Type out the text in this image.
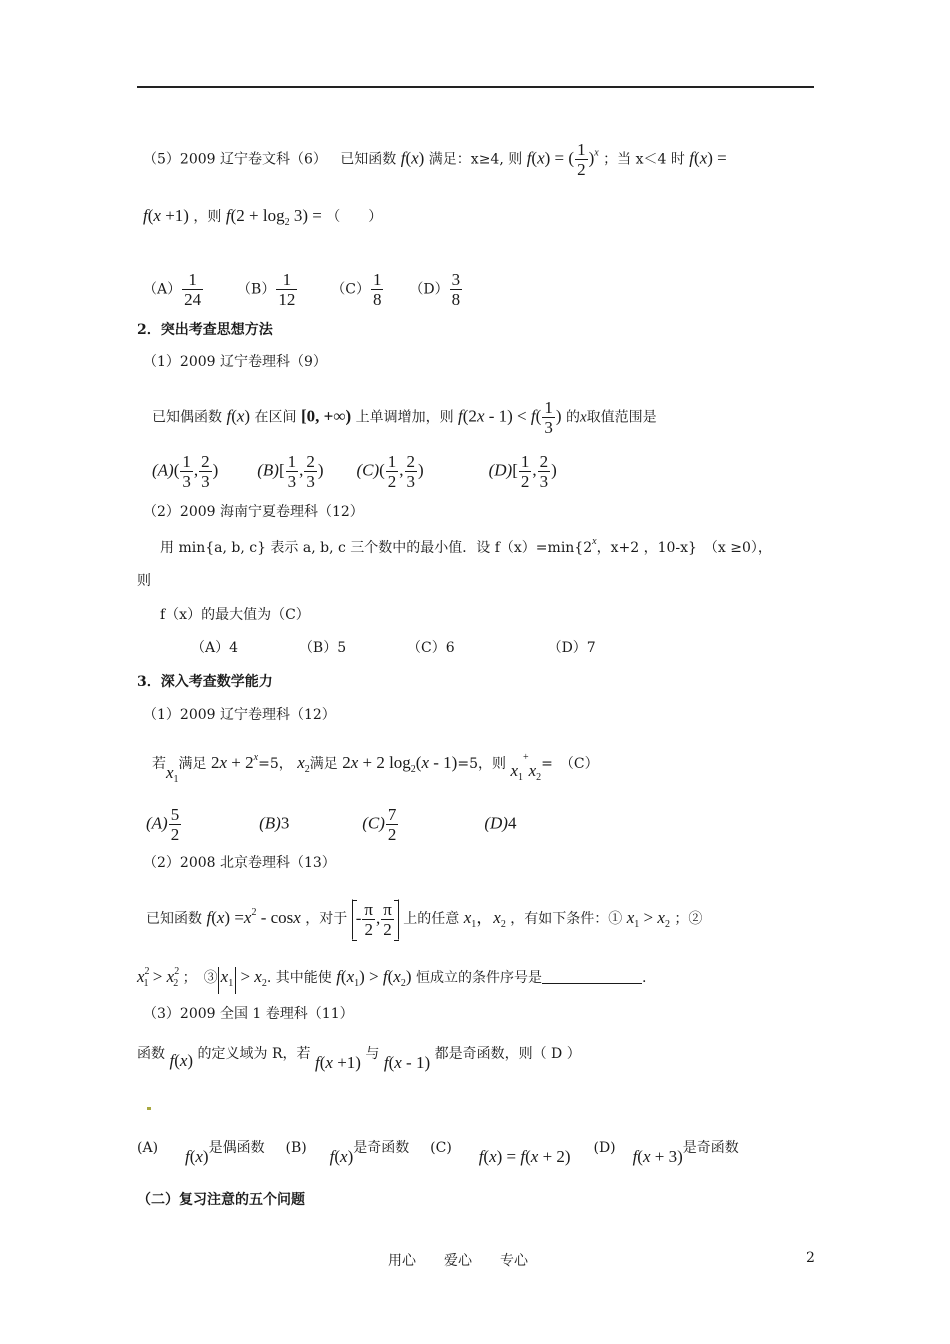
（5）2009 辽宁卷文科（6） 已知函数 f(x) 满足：x≥4, 则 f(x) = ( $\frac{1}{2} )^x$ ；当 x＜4 时 f(x) =
f(x +1) ，则 $f(2 + \log_2 3)$ = （　　）
$(A) \frac{1}{24} (B) \frac{1}{12} (C) \frac{1}{8} (D) \frac{3}{8}$
2．突出考查思想方法
（1）2009 辽宁卷理科（9）
已知偶函数 f(x) 在区间 [0, +∞) 上单调增加，则 $f(2x - 1) < f( \frac{1}{3}$ ) 的x取值范围是
$(A)( \frac{1}{3}$ , $\frac{2}{3}$ ) $(B)[ \frac{1}{3}$ , $\frac{2}{3}$ ) $(C)( \frac{1}{2}$ , $\frac{2}{3}$ )	$(D)[ \frac{1}{2}$ , $\frac{2}{3}$ )
（2）2009 海南宁夏卷理科（12）
用 min{a, b, c} 表示 a, b, c 三个数中的最小值．设 $f(x)=\min\{2^x$，x+2 ，10-x}　（x ≥0），
则
f（x）的最大值为（C）
（A）4	（B）5	（C）6	（D）7
3．深入考查数学能力
（1）2009 辽宁卷理科（12）
若$x_1$满足 $2x + 2^x=5$， $x_2$满足 2x + 2 $\log_2(x - 1)=5$，则 $x_1^+x_2=$　（C）
$(A) \frac{5}{2}$	(B)3	$(C) \frac{7}{2}$	(D)4
（2）2008 北京卷理科（13）
已知函数 $f(x) =x^2 - \cos x$ ，对于 - $\frac{\pi}{2}$ , $\frac{\pi}{2}$ 上的任意 $x_1$，$x_2$ ，有如下条件：① $x_1 > x_2$ ；②
$x^2_1 > x^2_2$ ；　③ $x_1 > x_2$. 其中能使 $f(x_1) > f(x_2)$ 恒成立的条件序号是	.
（3）2009 全国 1 卷理科（11）
函数 f(x) 的定义域为 R，若 f(x +1) 与 f(x - 1) 都是奇函数，则（ D ）
(A) f(x)是偶函数 (B) f(x)是奇函数 (C) f(x) = f(x + 2) (D) f(x + 3)是奇函数
（二）复习注意的五个问题
用心 爱心 专心	2
